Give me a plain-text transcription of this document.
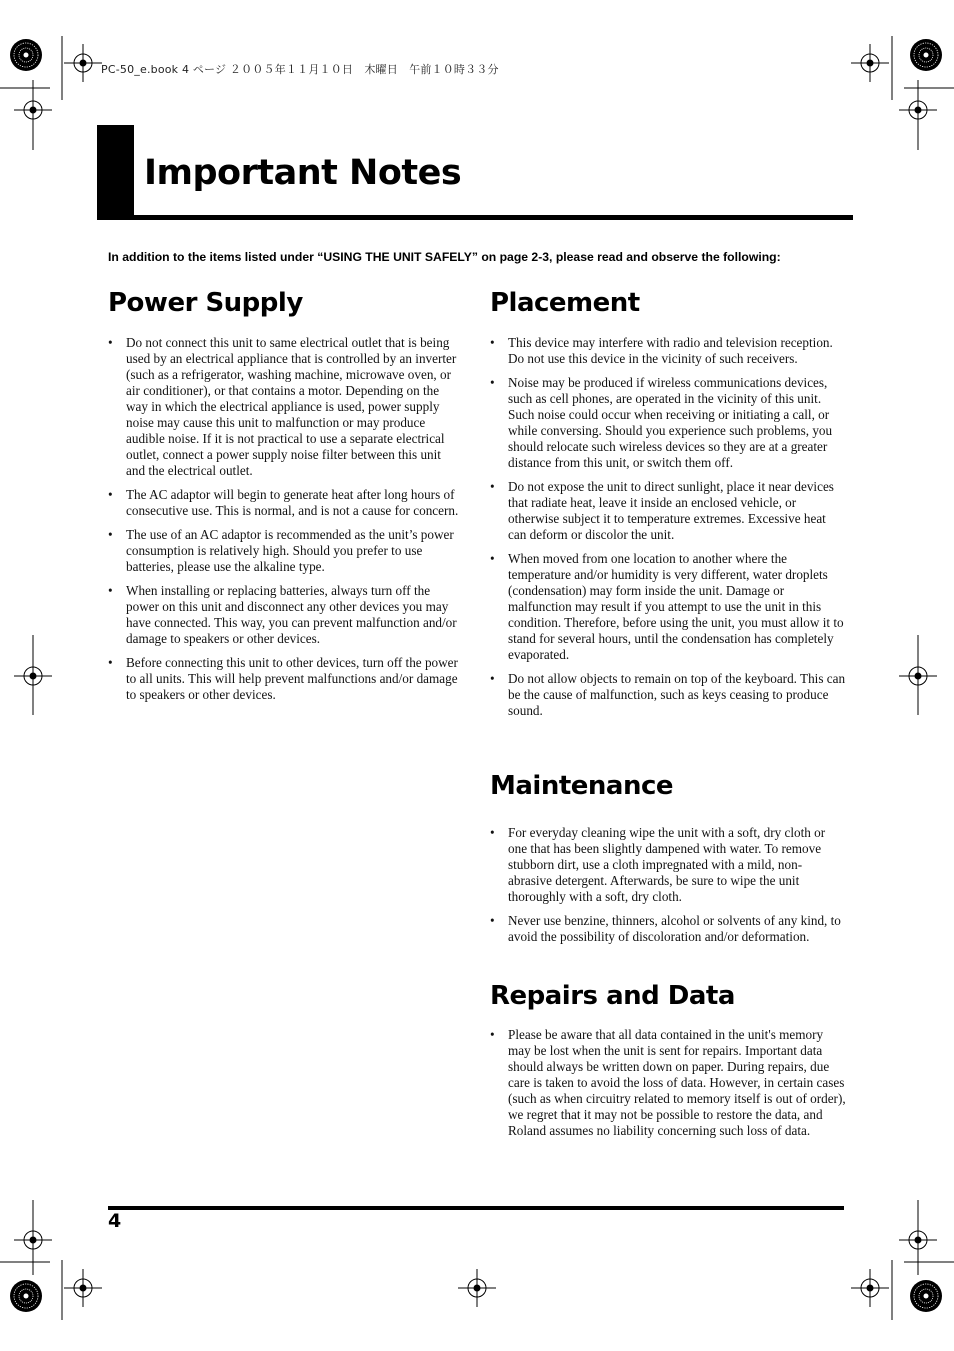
PC-50_e.book 4 ページ ２００５年１１月１０日　木曜日　午前１０時３３分
Important Notes
In addition to the items listed under “USING THE UNIT SAFELY” on page 2-3, please read and observe the following:
Power Supply
• Do not connect this unit to same electrical outlet that is being used by an electrical appliance that is controlled by an inverter (such as a refrigerator, washing machine, microwave oven, or air conditioner), or that contains a motor. Depending on the way in which the electrical appliance is used, power supply noise may cause this unit to malfunction or may produce audible noise. If it is not practical to use a separate electrical outlet, connect a power supply noise filter between this unit and the electrical outlet.
• The AC adaptor will begin to generate heat after long hours of consecutive use. This is normal, and is not a cause for concern.
• The use of an AC adaptor is recommended as the unit’s power consumption is relatively high. Should you prefer to use batteries, please use the alkaline type.
• When installing or replacing batteries, always turn off the power on this unit and disconnect any other devices you may have connected. This way, you can prevent malfunction and/or damage to speakers or other devices.
• Before connecting this unit to other devices, turn off the power to all units. This will help prevent malfunctions and/or damage to speakers or other devices.
Placement
• This device may interfere with radio and television reception. Do not use this device in the vicinity of such receivers.
• Noise may be produced if wireless communications devices, such as cell phones, are operated in the vicinity of this unit. Such noise could occur when receiving or initiating a call, or while conversing. Should you experience such problems, you should relocate such wireless devices so they are at a greater distance from this unit, or switch them off.
• Do not expose the unit to direct sunlight, place it near devices that radiate heat, leave it inside an enclosed vehicle, or otherwise subject it to temperature extremes. Excessive heat can deform or discolor the unit.
• When moved from one location to another where the temperature and/or humidity is very different, water droplets (condensation) may form inside the unit. Damage or malfunction may result if you attempt to use the unit in this condition. Therefore, before using the unit, you must allow it to stand for several hours, until the condensation has completely evaporated.
• Do not allow objects to remain on top of the keyboard. This can be the cause of malfunction, such as keys ceasing to produce sound.
Maintenance
• For everyday cleaning wipe the unit with a soft, dry cloth or one that has been slightly dampened with water. To remove stubborn dirt, use a cloth impregnated with a mild, non-abrasive detergent. Afterwards, be sure to wipe the unit thoroughly with a soft, dry cloth.
• Never use benzine, thinners, alcohol or solvents of any kind, to avoid the possibility of discoloration and/or deformation.
Repairs and Data
• Please be aware that all data contained in the unit's memory may be lost when the unit is sent for repairs. Important data should always be written down on paper. During repairs, due care is taken to avoid the loss of data. However, in certain cases (such as when circuitry related to memory itself is out of order), we regret that it may not be possible to restore the data, and Roland assumes no liability concerning such loss of data.
4
